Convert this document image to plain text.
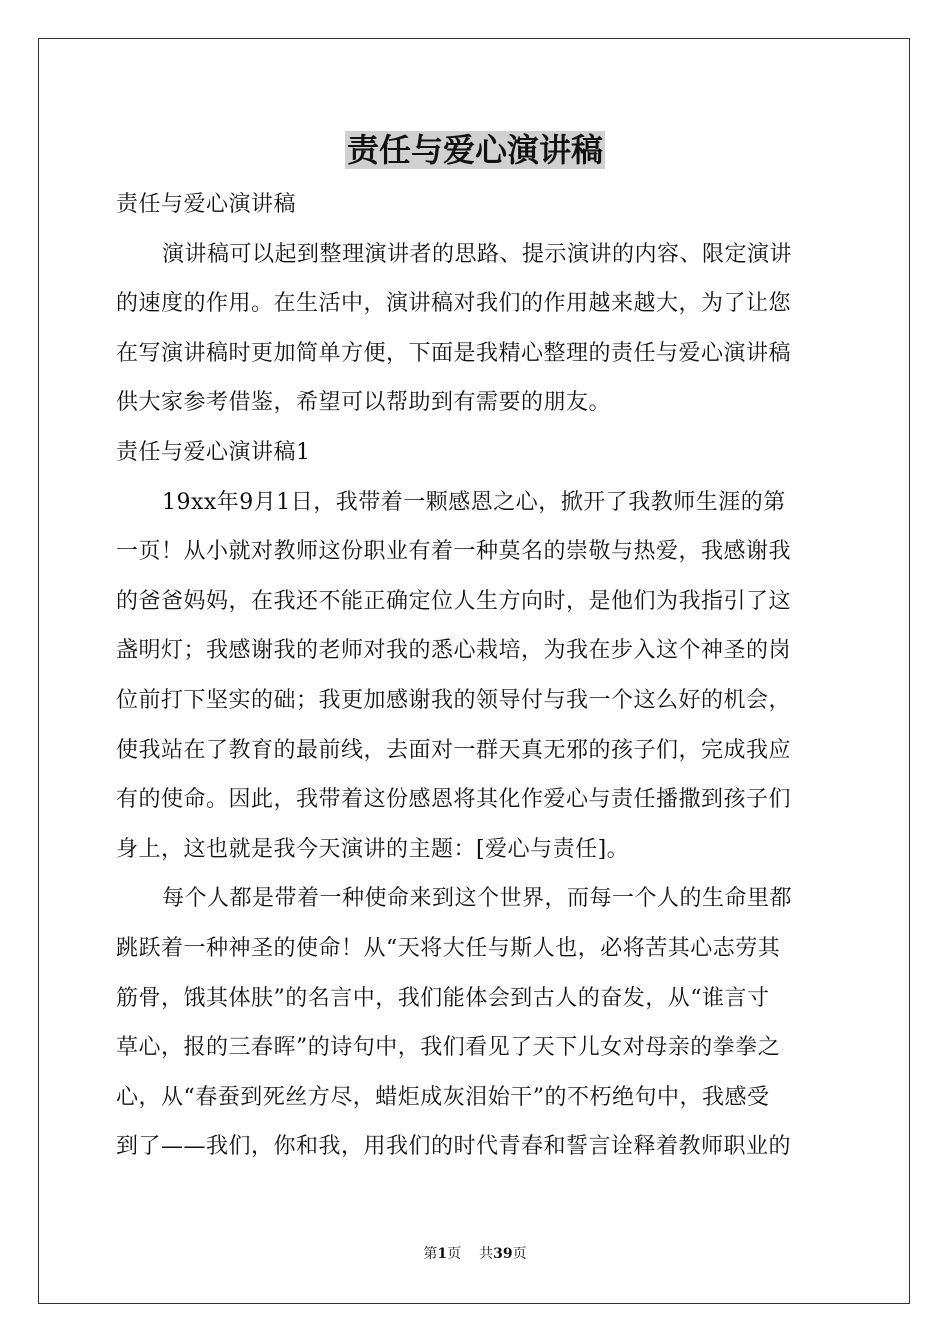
责任与爱心演讲稿
责任与爱心演讲稿
演讲稿可以起到整理演讲者的思路、提示演讲的内容、限定演讲
的速度的作用。在生活中，演讲稿对我们的作用越来越大，为了让您
在写演讲稿时更加简单方便，下面是我精心整理的责任与爱心演讲稿
供大家参考借鉴，希望可以帮助到有需要的朋友。
责任与爱心演讲稿1
19xx年9月1日，我带着一颗感恩之心，掀开了我教师生涯的第
一页！从小就对教师这份职业有着一种莫名的崇敬与热爱，我感谢我
的爸爸妈妈，在我还不能正确定位人生方向时，是他们为我指引了这
盏明灯；我感谢我的老师对我的悉心栽培，为我在步入这个神圣的岗
位前打下坚实的础；我更加感谢我的领导付与我一个这么好的机会，
使我站在了教育的最前线，去面对一群天真无邪的孩子们，完成我应
有的使命。因此，我带着这份感恩将其化作爱心与责任播撒到孩子们
身上，这也就是我今天演讲的主题：[爱心与责任]。
每个人都是带着一种使命来到这个世界，而每一个人的生命里都
跳跃着一种神圣的使命！从“天将大任与斯人也，必将苦其心志劳其
筋骨，饿其体肤”的名言中，我们能体会到古人的奋发，从“谁言寸
草心，报的三春晖”的诗句中，我们看见了天下儿女对母亲的拳拳之
心，从“春蚕到死丝方尽，蜡炬成灰泪始干”的不朽绝句中，我感受
到了——我们，你和我，用我们的时代青春和誓言诠释着教师职业的
第1页 共39页
